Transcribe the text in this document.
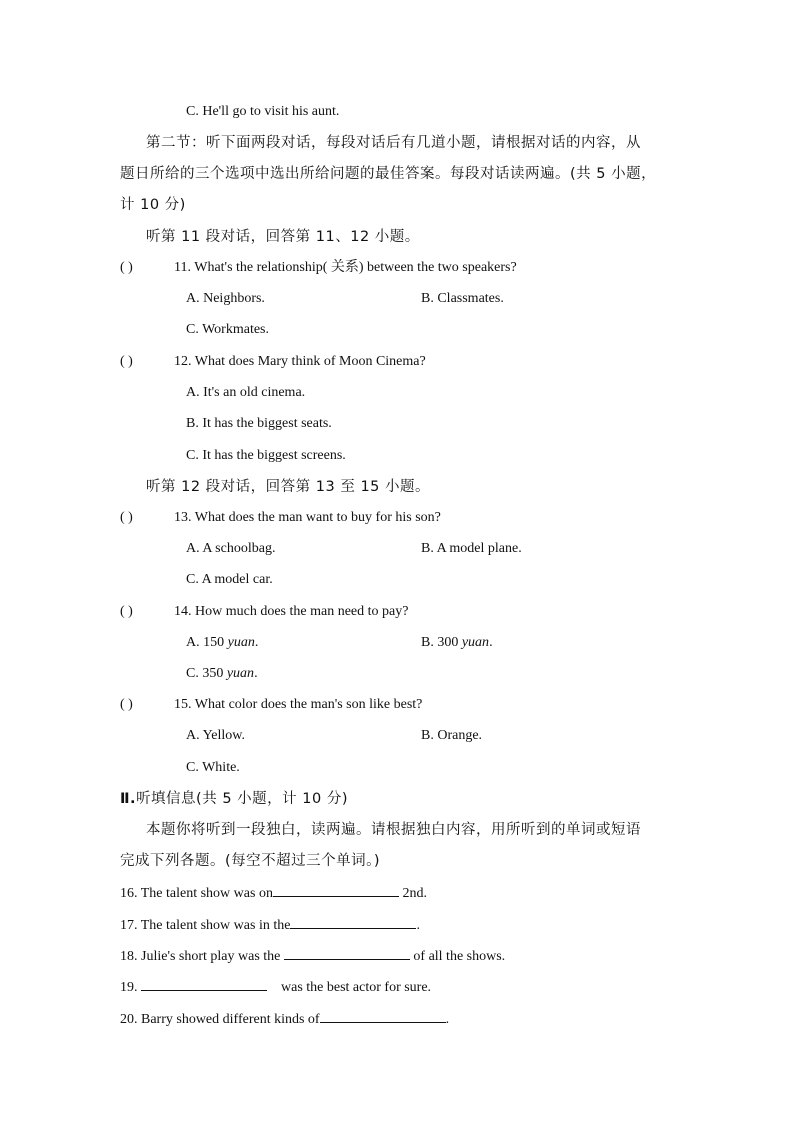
C. He'll go to visit his aunt.
第二节：听下面两段对话，每段对话后有几道小题，请根据对话的内容，从
题日所给的三个选项中选出所给问题的最佳答案。每段对话读两遍。(共 5 小题，
计 10 分)
听第 11 段对话，回答第 11、12 小题。
( )	11. What's the relationship( 关系) between the two speakers?
A. Neighbors.	B. Classmates.
C. Workmates.
( )	12. What does Mary think of Moon Cinema?
A. It's an old cinema.
B. It has the biggest seats.
C. It has the biggest screens.
听第 12 段对话，回答第 13 至 15 小题。
( )	13. What does the man want to buy for his son?
A. A schoolbag.	B. A model plane.
C. A model car.
( )	14. How much does the man need to pay?
A. 150 yuan.	B. 300 yuan.
C. 350 yuan.
( )	15. What color does the man's son like best?
A. Yellow.	B. Orange.
C. White.
Ⅱ.听填信息(共 5 小题，计 10 分)
本题你将听到一段独白，读两遍。请根据独白内容，用所听到的单词或短语
完成下列各题。(每空不超过三个单词。)
16. The talent show was on	2nd.
17. The talent show was in the	.
18. Julie's short play was the	of all the shows.
19.	was the best actor for sure.
20. Barry showed different kinds of	.
